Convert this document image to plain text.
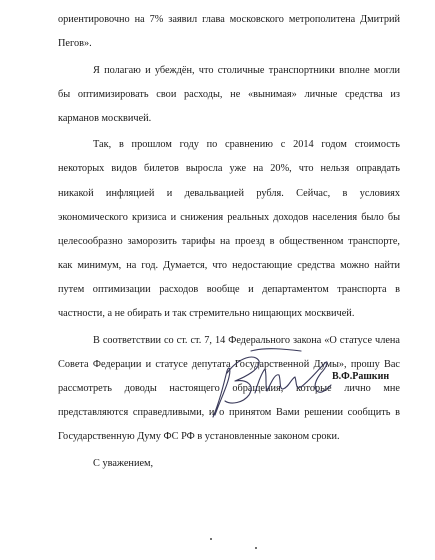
ориентировочно на 7% заявил глава московского метрополитена Дмитрий
Пегов».
Я полагаю и убеждён, что столичные транспортники вполне могли
бы оптимизировать свои расходы, не «вынимая» личные средства из
карманов москвичей.
Так, в прошлом году по сравнению с 2014 годом стоимость
некоторых видов билетов выросла уже на 20%, что нельзя оправдать
никакой инфляцией и девальвацией рубля. Сейчас, в условиях
экономического кризиса и снижения реальных доходов населения было бы
целесообразно заморозить тарифы на проезд в общественном транспорте,
как минимум, на год. Думается, что недостающие средства можно найти
путем оптимизации расходов вообще и департаментом транспорта в
частности, а не обирать и так стремительно нищающих москвичей.
В соответствии со ст. ст. 7, 14 Федерального закона «О статусе члена
Совета Федерации и статусе депутата Государственной Думы», прошу Вас
рассмотреть доводы настоящего обращения, которые лично мне
представляются справедливыми, и о принятом Вами решении сообщить в
Государственную Думу ФС РФ в установленные законом сроки.
С уважением,
В.Ф.Рашкин
